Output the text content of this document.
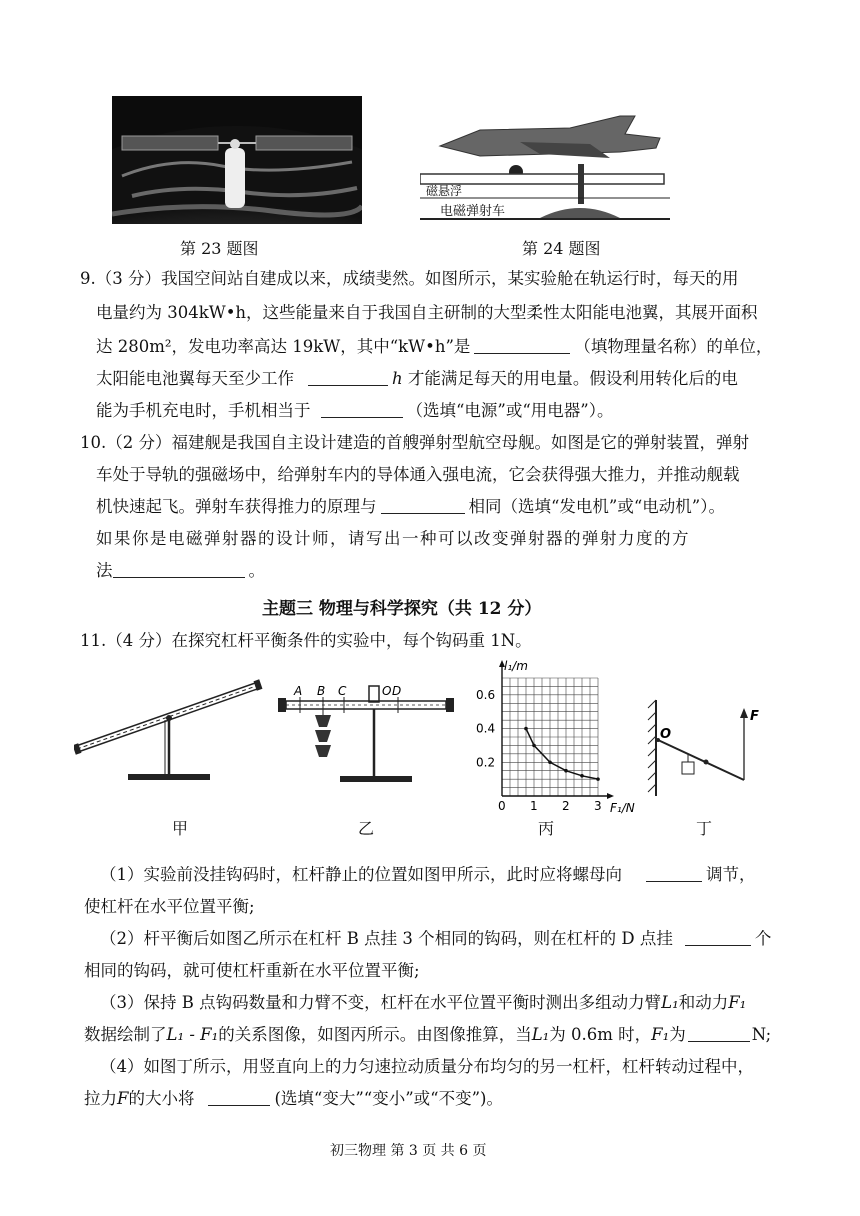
磁悬浮
电磁弹射车
第 23 题图	第 24 题图
9.（3 分）我国空间站自建成以来，成绩斐然。如图所示，某实验舱在轨运行时，每天的用
电量约为 304kW•h，这些能量来自于我国自主研制的大型柔性太阳能电池翼，其展开面积
达 280m²，发电功率高达 19kW，其中“kW•h”是	（填物理量名称）的单位，
太阳能电池翼每天至少工作	h 才能满足每天的用电量。假设利用转化后的电
能为手机充电时，手机相当于	（选填“电源”或“用电器”）。
10.（2 分）福建舰是我国自主设计建造的首艘弹射型航空母舰。如图是它的弹射装置，弹射
车处于导轨的强磁场中，给弹射车内的导体通入强电流，它会获得强大推力，并推动舰载
机快速起飞。弹射车获得推力的原理与	相同（选填“发电机”或“电动机”）。
如果你是电磁弹射器的设计师，请写出一种可以改变弹射器的弹射力度的方
法	。
主题三 物理与科学探究（共 12 分）
11.（4 分）在探究杠杆平衡条件的实验中，每个钩码重 1N。
甲
A B C	O D
乙
0 1 2 3
0.2
0.4
0.6
l₁/m
F₁/N
丙
O
F
丁
（1）实验前没挂钩码时，杠杆静止的位置如图甲所示，此时应将螺母向	调节，
使杠杆在水平位置平衡;
（2）杆平衡后如图乙所示在杠杆 B 点挂 3 个相同的钩码，则在杠杆的 D 点挂	个
相同的钩码，就可使杠杆重新在水平位置平衡;
（3）保持 B 点钩码数量和力臂不变，杠杆在水平位置平衡时测出多组动力臂L₁和动力F₁
数据绘制了L₁ - F₁的关系图像，如图丙所示。由图像推算，当L₁为 0.6m 时，F₁为	N;
（4）如图丁所示，用竖直向上的力匀速拉动质量分布均匀的另一杠杆，杠杆转动过程中，
拉力F的大小将	(选填“变大”“变小”或“不变”)。
初三物理 第 3 页 共 6 页
